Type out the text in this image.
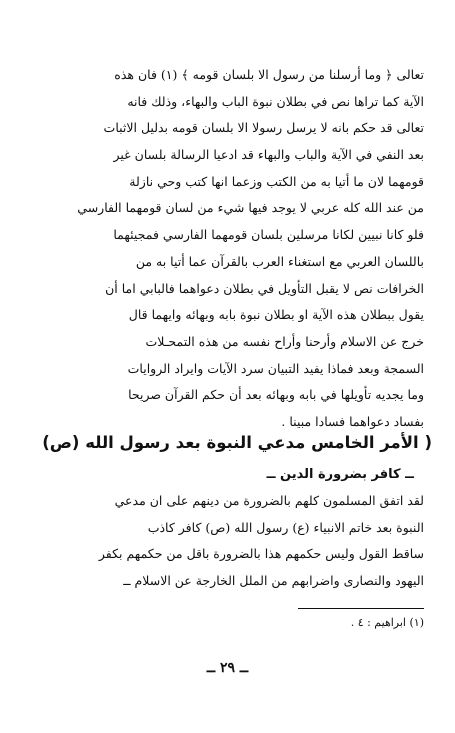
تعالى ﴿ وما أرسلنا من رسول الا بلسان قومه ﴾ (١) فان هذه
الآية كما تراها نص في بطلان نبوة الباب والبهاء، وذلك فانه
تعالى قد حكم بانه لا يرسل رسولا الا بلسان قومه بدليل الاثبات
بعد النفي في الآية والباب والبهاء قد ادعيا الرسالة بلسان غير
قومهما لان ما أتيا به من الكتب وزعما انها كتب وحي نازلة
من عند الله كله عربي لا يوجد فيها شيء من لسان قومهما الفارسي
فلو كانا نبيين لكانا مرسلين بلسان قومهما الفارسي فمجيئهما
باللسان العربي مع استغناء العرب بالقرآن عما أتيا به من
الخرافات نص لا يقبل التأويل في بطلان دعواهما فالبابي اما أن
يقول ببطلان هذه الآية او بطلان نبوة بابه وبهائه وايهما قال
خرج عن الاسلام وأرحنا وأراح نفسه من هذه التمحـلات
السمجة وبعد فماذا يفيد التبيان سرد الآيات وايراد الروايات
وما يجديه تأويلها في بابه وبهائه بعد أن حكم القرآن صريحا
بفساد دعواهما فسادا مبينا .
( الأمر الخامس مدعي النبوة بعد رسول الله (ص)
ــ كافر بضرورة الدين ــ
لقد اتفق المسلمون كلهم بالضرورة من دينهم على ان مدعي
النبوة بعد خاتم الانبياء (ع) رسول الله (ص) كافر كاذب
ساقط القول وليس حكمهم هذا بالضرورة باقل من حكمهم بكفر
اليهود والنصارى واضرابهم من الملل الخارجة عن الاسلام ــ
(١) ابراهيم : ٤ .
ــ ٢٩ ــ
